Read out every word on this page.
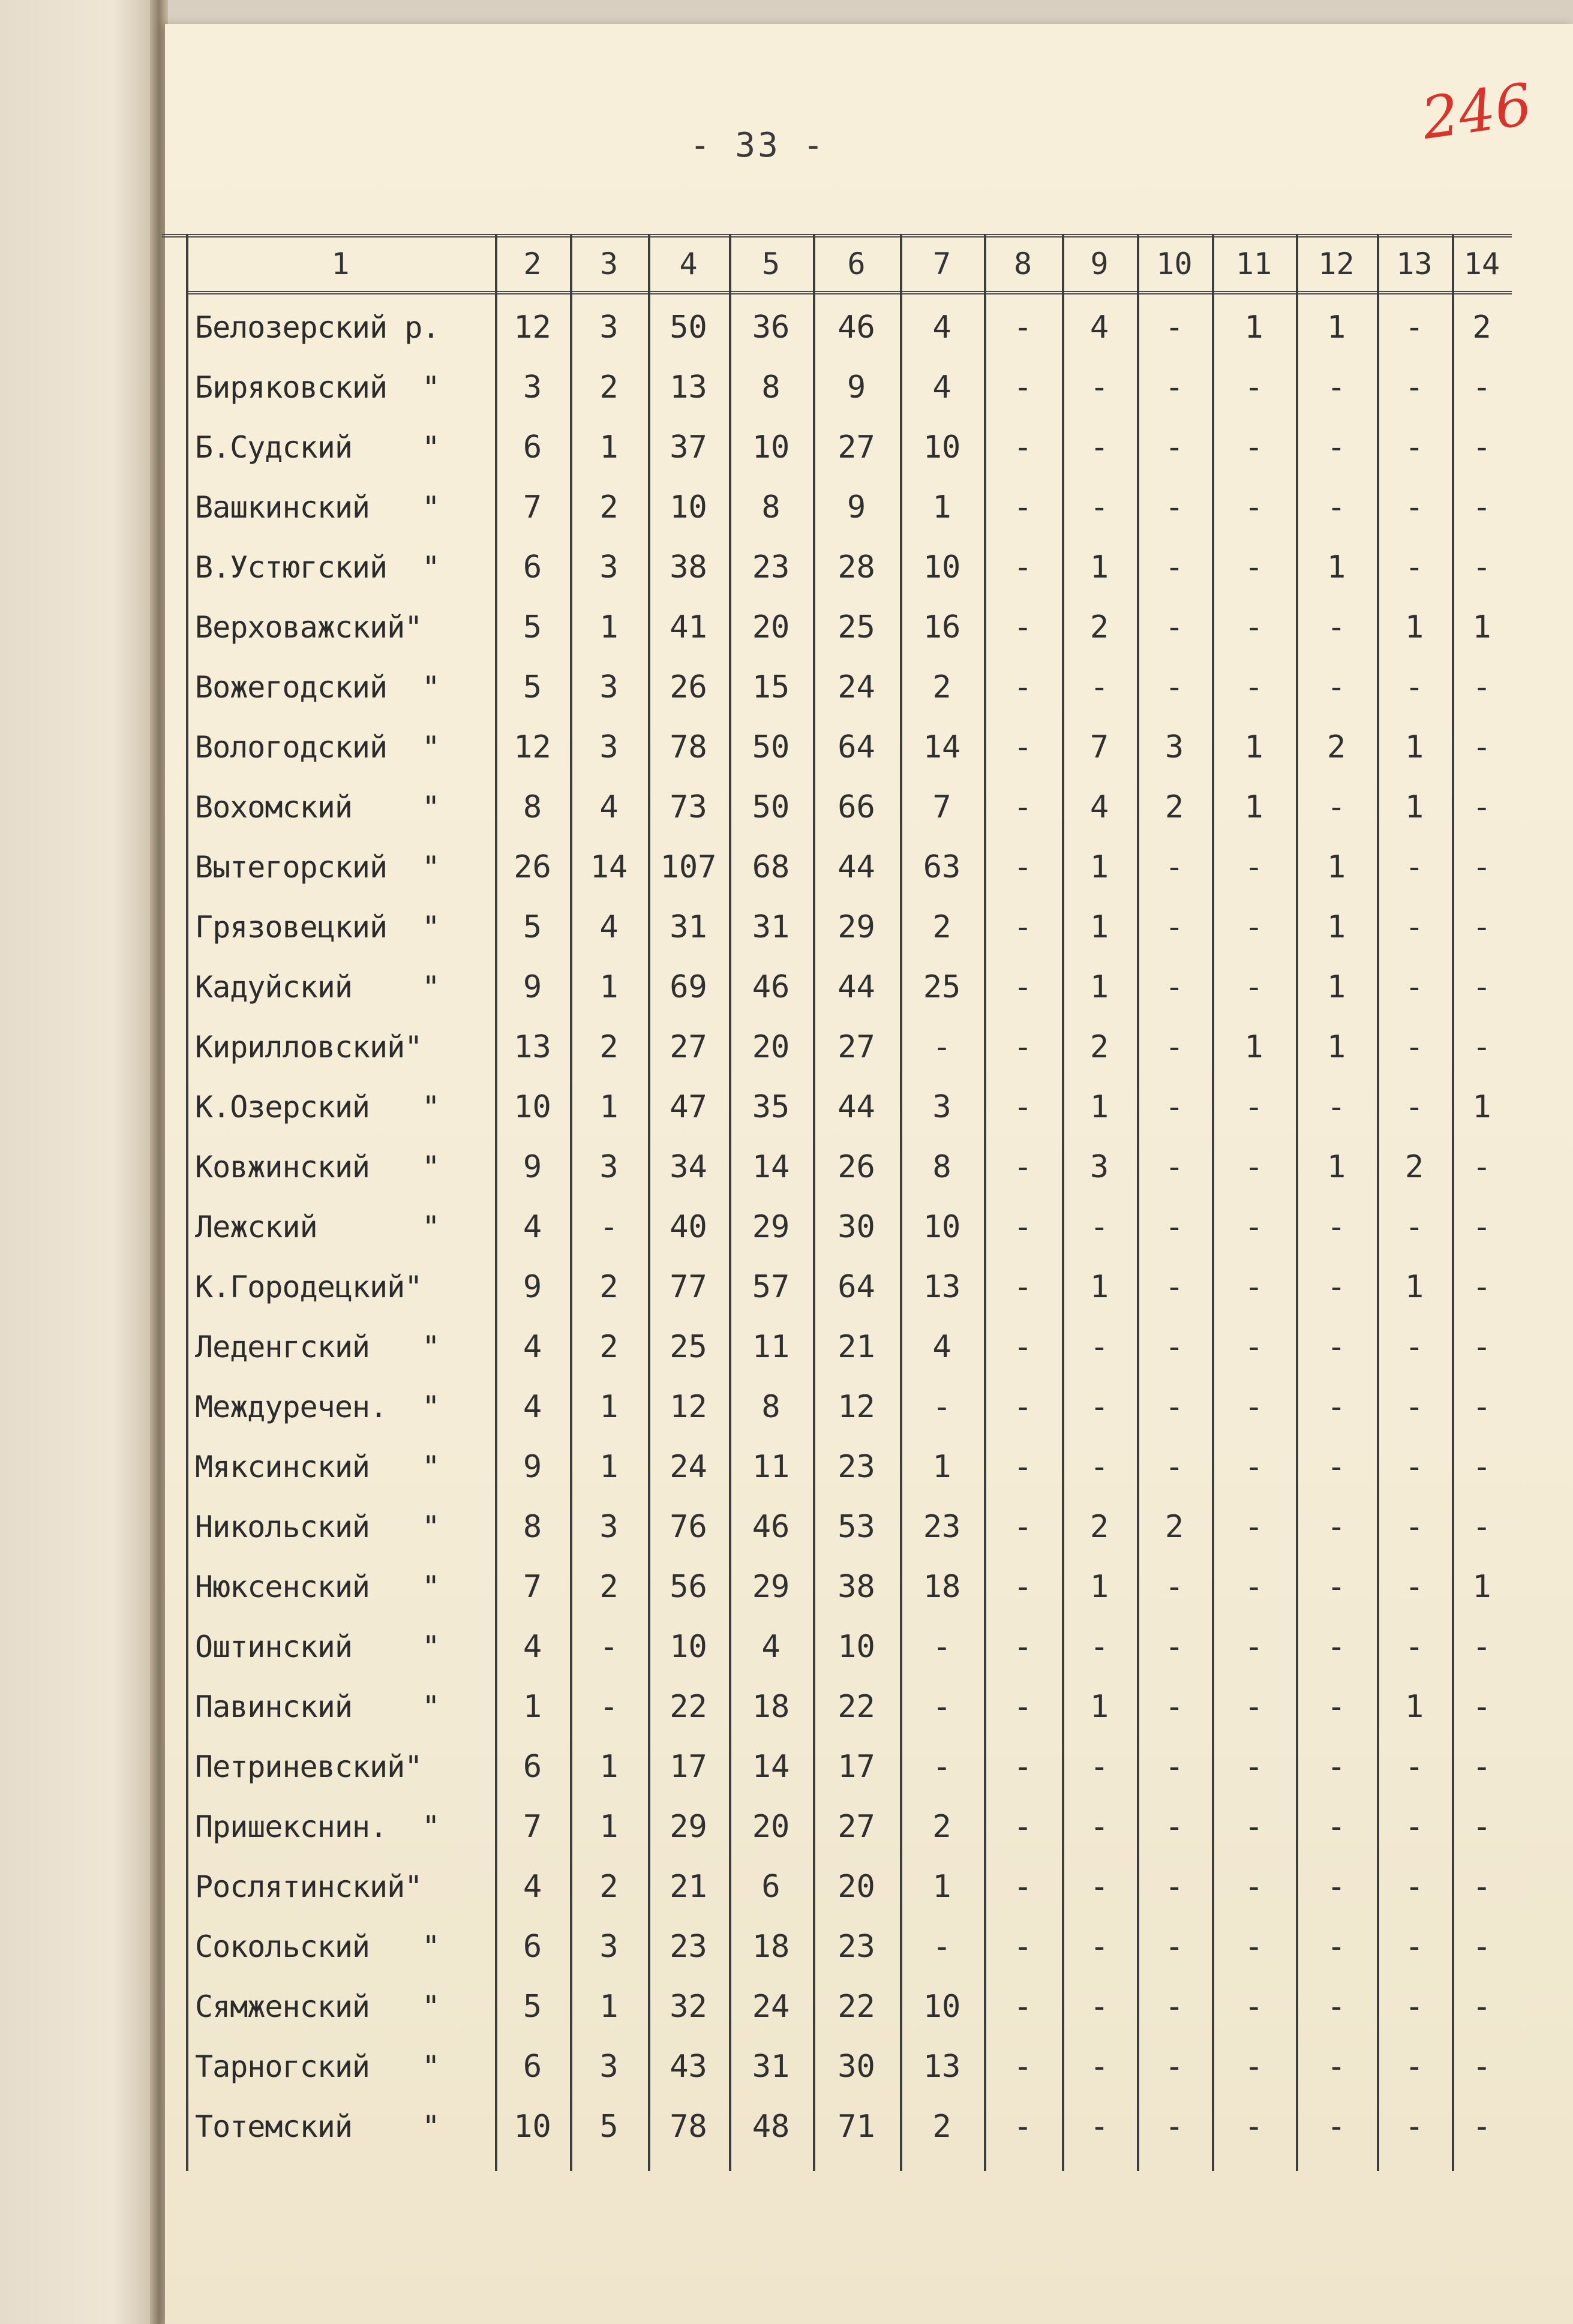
- 33 -	246
1	2	3	4	5	6	7	8	9	10	11	12	13	14
Белозерский р.	12	3	50	36	46	4	-	4	-	1	1	-	2
Биряковский  "	3	2	13	8	9	4	-	-	-	-	-	-	-
Б.Судский    "	6	1	37	10	27	10	-	-	-	-	-	-	-
Вашкинский   "	7	2	10	8	9	1	-	-	-	-	-	-	-
В.Устюгский  "	6	3	38	23	28	10	-	1	-	-	1	-	-
Верховажский"	5	1	41	20	25	16	-	2	-	-	-	1	1
Вожегодский  "	5	3	26	15	24	2	-	-	-	-	-	-	-
Вологодский  "	12	3	78	50	64	14	-	7	3	1	2	1	-
Вохомский    "	8	4	73	50	66	7	-	4	2	1	-	1	-
Вытегорский  "	26	14	107	68	44	63	-	1	-	-	1	-	-
Грязовецкий  "	5	4	31	31	29	2	-	1	-	-	1	-	-
Кадуйский    "	9	1	69	46	44	25	-	1	-	-	1	-	-
Кирилловский"	13	2	27	20	27	-	-	2	-	1	1	-	-
К.Озерский   "	10	1	47	35	44	3	-	1	-	-	-	-	1
Ковжинский   "	9	3	34	14	26	8	-	3	-	-	1	2	-
Лежский      "	4	-	40	29	30	10	-	-	-	-	-	-	-
К.Городецкий"	9	2	77	57	64	13	-	1	-	-	-	1	-
Леденгский   "	4	2	25	11	21	4	-	-	-	-	-	-	-
Междуречен.  "	4	1	12	8	12	-	-	-	-	-	-	-	-
Мяксинский   "	9	1	24	11	23	1	-	-	-	-	-	-	-
Никольский   "	8	3	76	46	53	23	-	2	2	-	-	-	-
Нюксенский   "	7	2	56	29	38	18	-	1	-	-	-	-	1
Оштинский    "	4	-	10	4	10	-	-	-	-	-	-	-	-
Павинский    "	1	-	22	18	22	-	-	1	-	-	-	1	-
Петриневский"	6	1	17	14	17	-	-	-	-	-	-	-	-
Пришекснин.  "	7	1	29	20	27	2	-	-	-	-	-	-	-
Рослятинский"	4	2	21	6	20	1	-	-	-	-	-	-	-
Сокольский   "	6	3	23	18	23	-	-	-	-	-	-	-	-
Сямженский   "	5	1	32	24	22	10	-	-	-	-	-	-	-
Тарногский   "	6	3	43	31	30	13	-	-	-	-	-	-	-
Тотемский    "	10	5	78	48	71	2	-	-	-	-	-	-	-
